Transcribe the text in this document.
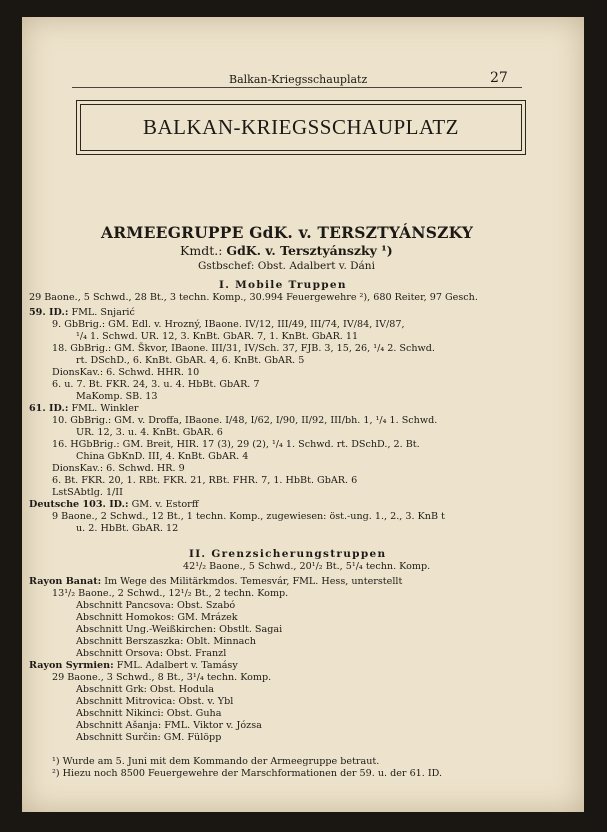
Balkan-Kriegsschauplatz	27
BALKAN-KRIEGSSCHAUPLATZ
ARMEEGRUPPE GdK. v. TERSZTYÁNSZKY
Kmdt.: GdK. v. Tersztyánszky ¹)
Gstbschef: Obst. Adalbert v. Dáni
I. Mobile Truppen
29 Baone., 5 Schwd., 28 Bt., 3 techn. Komp., 30.994 Feuergewehre ²), 680 Reiter, 97 Gesch.
59. ID.: FML. Snjarić
9. GbBrig.: GM. Edl. v. Hrozný, IBaone. IV/12, III/49, III/74, IV/84, IV/87,
¹/₄ 1. Schwd. UR. 12, 3. KnBt. GbAR. 7, 1. KnBt. GbAR. 11
18. GbBrig.: GM. Škvor, IBaone. III/31, IV/Sch. 37, FJB. 3, 15, 26, ¹/₄ 2. Schwd.
rt. DSchD., 6. KnBt. GbAR. 4, 6. KnBt. GbAR. 5
DionsKav.: 6. Schwd. HHR. 10
6. u. 7. Bt. FKR. 24, 3. u. 4. HbBt. GbAR. 7
MaKomp. SB. 13
61. ID.: FML. Winkler
10. GbBrig.: GM. v. Droffa, IBaone. I/48, I/62, I/90, II/92, III/bh. 1, ¹/₄ 1. Schwd.
UR. 12, 3. u. 4. KnBt. GbAR. 6
16. HGbBrig.: GM. Breit, HIR. 17 (3), 29 (2), ¹/₄ 1. Schwd. rt. DSchD., 2. Bt.
China GbKnD. III, 4. KnBt. GbAR. 4
DionsKav.: 6. Schwd. HR. 9
6. Bt. FKR. 20, 1. RBt. FKR. 21, RBt. FHR. 7, 1. HbBt. GbAR. 6
LstSAbtlg. 1/II
Deutsche 103. ID.: GM. v. Estorff
9 Baone., 2 Schwd., 12 Bt., 1 techn. Komp., zugewiesen: öst.-ung. 1., 2., 3. KnB t
u. 2. HbBt. GbAR. 12
II. Grenzsicherungstruppen
42¹/₂ Baone., 5 Schwd., 20¹/₂ Bt., 5¹/₄ techn. Komp.
Rayon Banat: Im Wege des Militärkmdos. Temesvár, FML. Hess, unterstellt
13¹/₂ Baone., 2 Schwd., 12¹/₂ Bt., 2 techn. Komp.
Abschnitt Pancsova: Obst. Szabó
Abschnitt Homokos: GM. Mrázek
Abschnitt Ung.-Weißkirchen: Obstlt. Sagai
Abschnitt Berszaszka: Oblt. Minnach
Abschnitt Orsova: Obst. Franzl
Rayon Syrmien: FML. Adalbert v. Tamásy
29 Baone., 3 Schwd., 8 Bt., 3¹/₄ techn. Komp.
Abschnitt Grk: Obst. Hodula
Abschnitt Mitrovica: Obst. v. Ybl
Abschnitt Nikinci: Obst. Guha
Abschnitt Ašanja: FML. Viktor v. Józsa
Abschnitt Surčin: GM. Fülöpp
¹) Wurde am 5. Juni mit dem Kommando der Armeegruppe betraut.
²) Hiezu noch 8500 Feuergewehre der Marschformationen der 59. u. der 61. ID.
